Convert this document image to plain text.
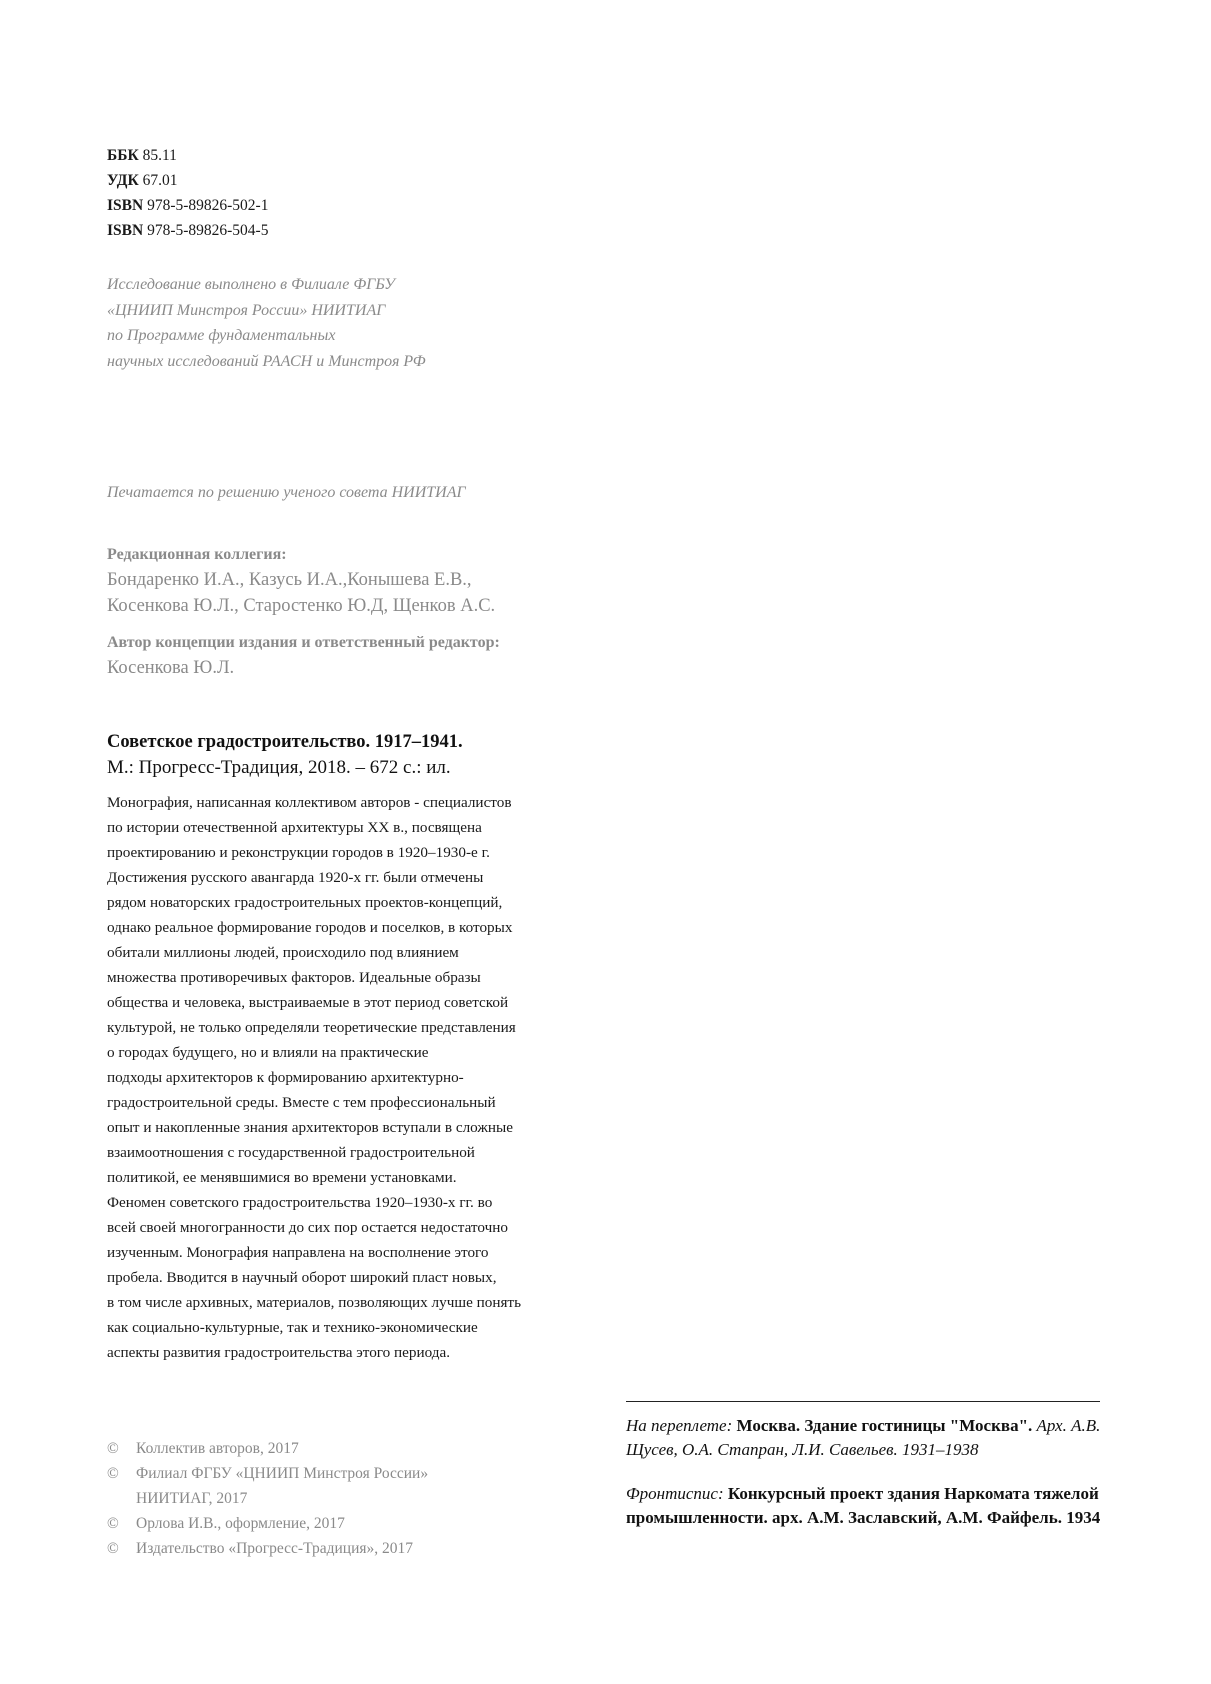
ББК 85.11
УДК 67.01
ISBN 978-5-89826-502-1
ISBN 978-5-89826-504-5
Исследование выполнено в Филиале ФГБУ
«ЦНИИП Минстроя России» НИИТИАГ
по Программе фундаментальных
научных исследований РААСН и Минстроя РФ
Печатается по решению ученого совета НИИТИАГ
Редакционная коллегия:
Бондаренко И.А., Казусь И.А.,Конышева Е.В.,
Косенкова Ю.Л., Старостенко Ю.Д, Щенков А.С.
Автор концепции издания и ответственный редактор:
Косенкова Ю.Л.
Советское градостроительство. 1917–1941.
М.: Прогресс-Традиция, 2018. – 672 с.: ил.
Монография, написанная коллективом авторов - специалистов
по истории отечественной архитектуры XX в., посвящена
проектированию и реконструкции городов в 1920–1930-е г.
Достижения русского авангарда 1920-х гг. были отмечены
рядом новаторских градостроительных проектов-концепций,
однако реальное формирование городов и поселков, в которых
обитали миллионы людей, происходило под влиянием
множества противоречивых факторов. Идеальные образы
общества и человека, выстраиваемые в этот период советской
культурой, не только определяли теоретические представления
о городах будущего, но и влияли на практические
подходы архитекторов к формированию архитектурно-
градостроительной среды. Вместе с тем профессиональный
опыт и накопленные знания архитекторов вступали в сложные
взаимоотношения с государственной градостроительной
политикой, ее менявшимися во времени установками.
Феномен советского градостроительства 1920–1930-х гг. во
всей своей многогранности до сих пор остается недостаточно
изученным. Монография направлена на восполнение этого
пробела. Вводится в научный оборот широкий пласт новых,
в том числе архивных, материалов, позволяющих лучше понять
как социально-культурные, так и технико-экономические
аспекты развития градостроительства этого периода.
©	Коллектив авторов, 2017
©	Филиал ФГБУ «ЦНИИП Минстроя России»
НИИТИАГ, 2017
©	Орлова И.В., оформление, 2017
©	Издательство «Прогресс-Традиция», 2017
На переплете: Москва. Здание гостиницы "Москва". Арх. А.В. Щусев, О.А. Стапран, Л.И. Савельев. 1931–1938
Фронтиспис: Конкурсный проект здания Наркомата тяжелой промышленности. арх. А.М. Заславский, А.М. Файфель. 1934
